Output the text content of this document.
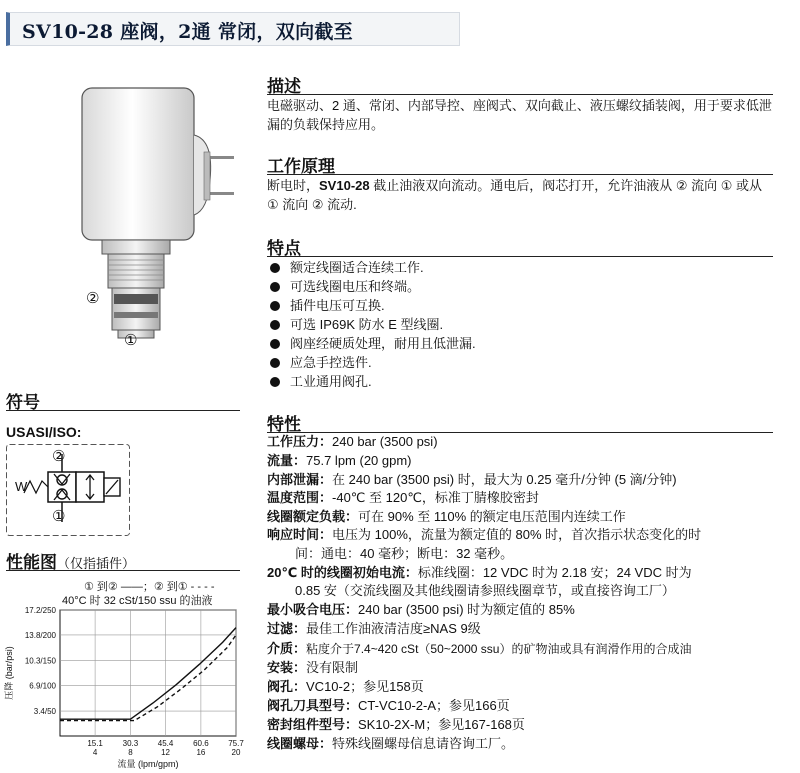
SV10-28 座阀，2通 常闭，双向截至
②
①
符号
USASI/ISO:
②
①
W
性能图（仅指插件）
① 到② ——；② 到① - - - -
40°C 时 32 cSt/150 ssu 的油液
3.4/50
6.9/100
10.3/150
13.8/200
17.2/250
15.1
4
30.3
8
45.4
12
60.6
16
75.7
20
流量 (lpm/gpm)
压降 (bar/psi)
描述
电磁驱动、2 通、常闭、内部导控、座阀式、双向截止、液压螺纹插装阀，用于要求低泄漏的负载保持应用。
工作原理
断电时，SV10-28 截止油液双向流动。通电后，阀芯打开，允许油液从 ② 流向 ① 或从 ① 流向 ② 流动.
特点
额定线圈适合连续工作.
可选线圈电压和终端。
插件电压可互换.
可选 IP69K 防水 E 型线圈.
阀座经硬质处理，耐用且低泄漏.
应急手控选件.
工业通用阀孔.
特性
工作压力：240 bar (3500 psi)
流量：75.7 lpm (20 gpm)
内部泄漏：在 240 bar (3500 psi) 时，最大为 0.25 毫升/分钟 (5 滴/分钟)
温度范围：-40℃ 至 120℃，标准丁腈橡胶密封
线圈额定负载：可在 90% 至 110% 的额定电压范围内连续工作
响应时间：电压为 100%，流量为额定值的 80% 时，首次指示状态变化的时
间：通电：40 毫秒；断电：32 毫秒。
20℃ 时的线圈初始电流：标准线圈：12 VDC 时为 2.18 安；24 VDC 时为
0.85 安（交流线圈及其他线圈请参照线圈章节，或直接咨询工厂）
最小吸合电压：240 bar (3500 psi) 时为额定值的 85%
过滤：最佳工作油液清洁度≥NAS 9级
介质：粘度介于7.4~420 cSt（50~2000 ssu）的矿物油或具有润滑作用的合成油
安装：没有限制
阀孔：VC10-2；参见158页
阀孔刀具型号：CT-VC10-2-A；参见166页
密封组件型号：SK10-2X-M；参见167-168页
线圈螺母：特殊线圈螺母信息请咨询工厂。
